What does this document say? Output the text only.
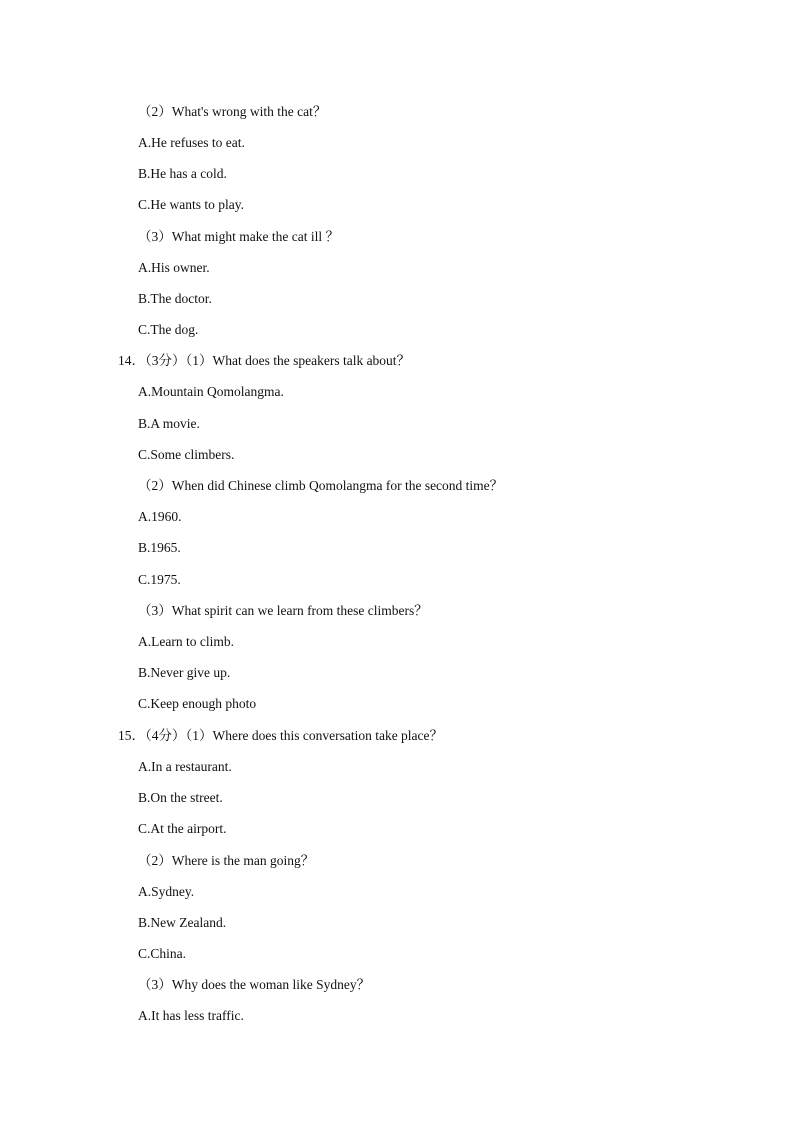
（2）What's wrong with the cat？
A.He refuses to eat.
B.He has a cold.
C.He wants to play.
（3）What might make the cat ill ？
A.His owner.
B.The doctor.
C.The dog.
14．（3分）（1）What does the speakers talk about？
A.Mountain Qomolangma.
B.A movie.
C.Some climbers.
（2）When did Chinese climb Qomolangma for the second time？
A.1960.
B.1965.
C.1975.
（3）What spirit can we learn from these climbers？
A.Learn to climb.
B.Never give up.
C.Keep enough photo
15．（4分）（1）Where does this conversation take place？
A.In a restaurant.
B.On the street.
C.At the airport.
（2）Where is the man going？
A.Sydney.
B.New Zealand.
C.China.
（3）Why does the woman like Sydney？
A.It has less traffic.
